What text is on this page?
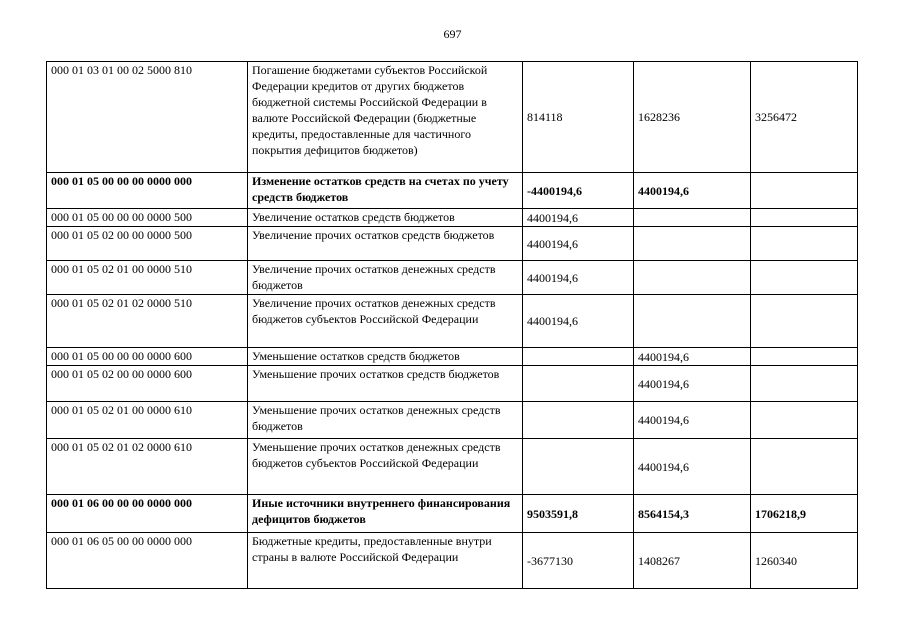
697
000 01 03 01 00 02 5000 810	Погашение бюджетами субъектов Российской Федерации кредитов от других бюджетов бюджетной системы Российской Федерации в валюте Российской Федерации (бюджетные кредиты, предоставленные для частичного покрытия дефицитов бюджетов)	814118	1628236	3256472
000 01 05 00 00 00 0000 000	Изменение остатков средств на счетах по учету средств бюджетов	-4400194,6	4400194,6	
000 01 05 00 00 00 0000 500	Увеличение остатков средств бюджетов	4400194,6		
000 01 05 02 00 00 0000 500	Увеличение прочих остатков средств бюджетов	4400194,6		
000 01 05 02 01 00 0000 510	Увеличение прочих остатков денежных средств бюджетов	4400194,6		
000 01 05 02 01 02 0000 510	Увеличение прочих остатков денежных средств бюджетов субъектов Российской Федерации	4400194,6		
000 01 05 00 00 00 0000 600	Уменьшение остатков средств бюджетов		4400194,6	
000 01 05 02 00 00 0000 600	Уменьшение прочих остатков средств бюджетов		4400194,6	
000 01 05 02 01 00 0000 610	Уменьшение прочих остатков денежных средств бюджетов		4400194,6	
000 01 05 02 01 02 0000 610	Уменьшение прочих остатков денежных средств бюджетов субъектов Российской Федерации		4400194,6	
000 01 06 00 00 00 0000 000	Иные источники внутреннего финансирования дефицитов бюджетов	9503591,8	8564154,3	1706218,9
000 01 06 05 00 00 0000 000	Бюджетные кредиты, предоставленные внутри страны в валюте Российской Федерации	-3677130	1408267	1260340
